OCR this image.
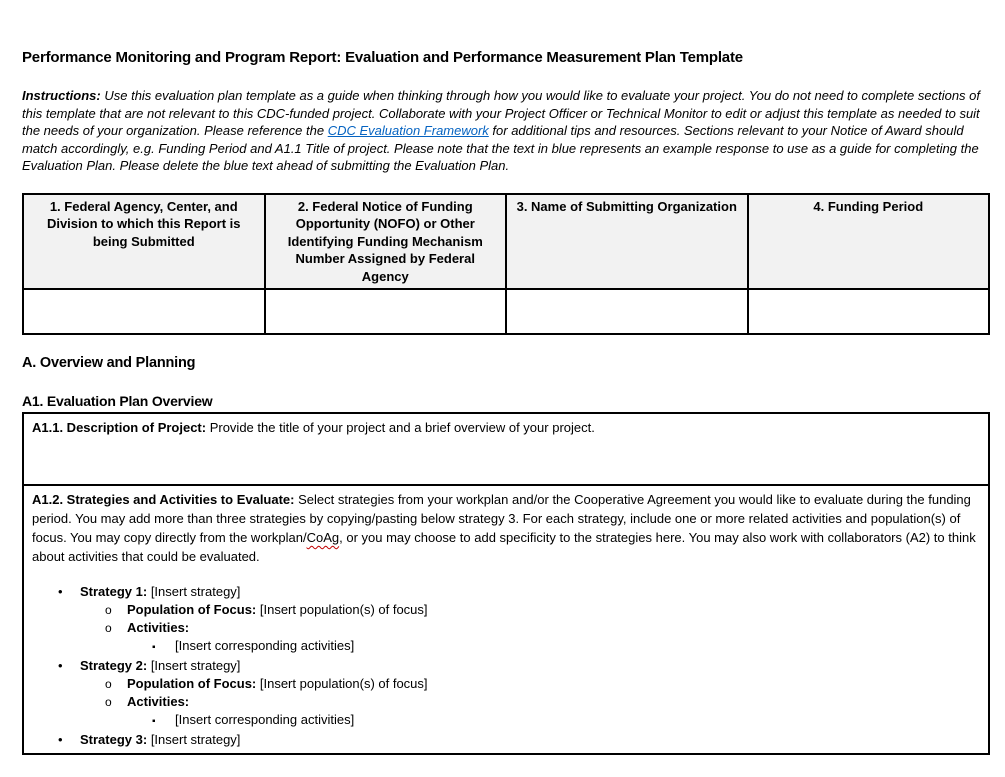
Performance Monitoring and Program Report: Evaluation and Performance Measurement Plan Template

Instructions: Use this evaluation plan template as a guide when thinking through how you would like to evaluate your project. You do not need to complete sections of this template that are not relevant to this CDC-funded project. Collaborate with your Project Officer or Technical Monitor to edit or adjust this template as needed to suit the needs of your organization. Please reference the CDC Evaluation Framework for additional tips and resources. Sections relevant to your Notice of Award should match accordingly, e.g. Funding Period and A1.1 Title of project. Please note that the text in blue represents an example response to use as a guide for completing the Evaluation Plan. Please delete the blue text ahead of submitting the Evaluation Plan.

1. Federal Agency, Center, and Division to which this Report is being Submitted	2. Federal Notice of Funding Opportunity (NOFO) or Other Identifying Funding Mechanism Number Assigned by Federal Agency	3. Name of Submitting Organization	4. Funding Period

A. Overview and Planning
A1. Evaluation Plan Overview
A1.1. Description of Project: Provide the title of your project and a brief overview of your project.

A1.2. Strategies and Activities to Evaluate: Select strategies from your workplan and/or the Cooperative Agreement you would like to evaluate during the funding period. You may add more than three strategies by copying/pasting below strategy 3. For each strategy, include one or more related activities and population(s) of focus. You may copy directly from the workplan/CoAg, or you may choose to add specificity to the strategies here. You may also work with collaborators (A2) to think about activities that could be evaluated.
•	Strategy 1: [Insert strategy]
o	Population of Focus: [Insert population(s) of focus]
o	Activities:
▪	[Insert corresponding activities]
•	Strategy 2: [Insert strategy]
o	Population of Focus: [Insert population(s) of focus]
o	Activities:
▪	[Insert corresponding activities]
•	Strategy 3: [Insert strategy]
